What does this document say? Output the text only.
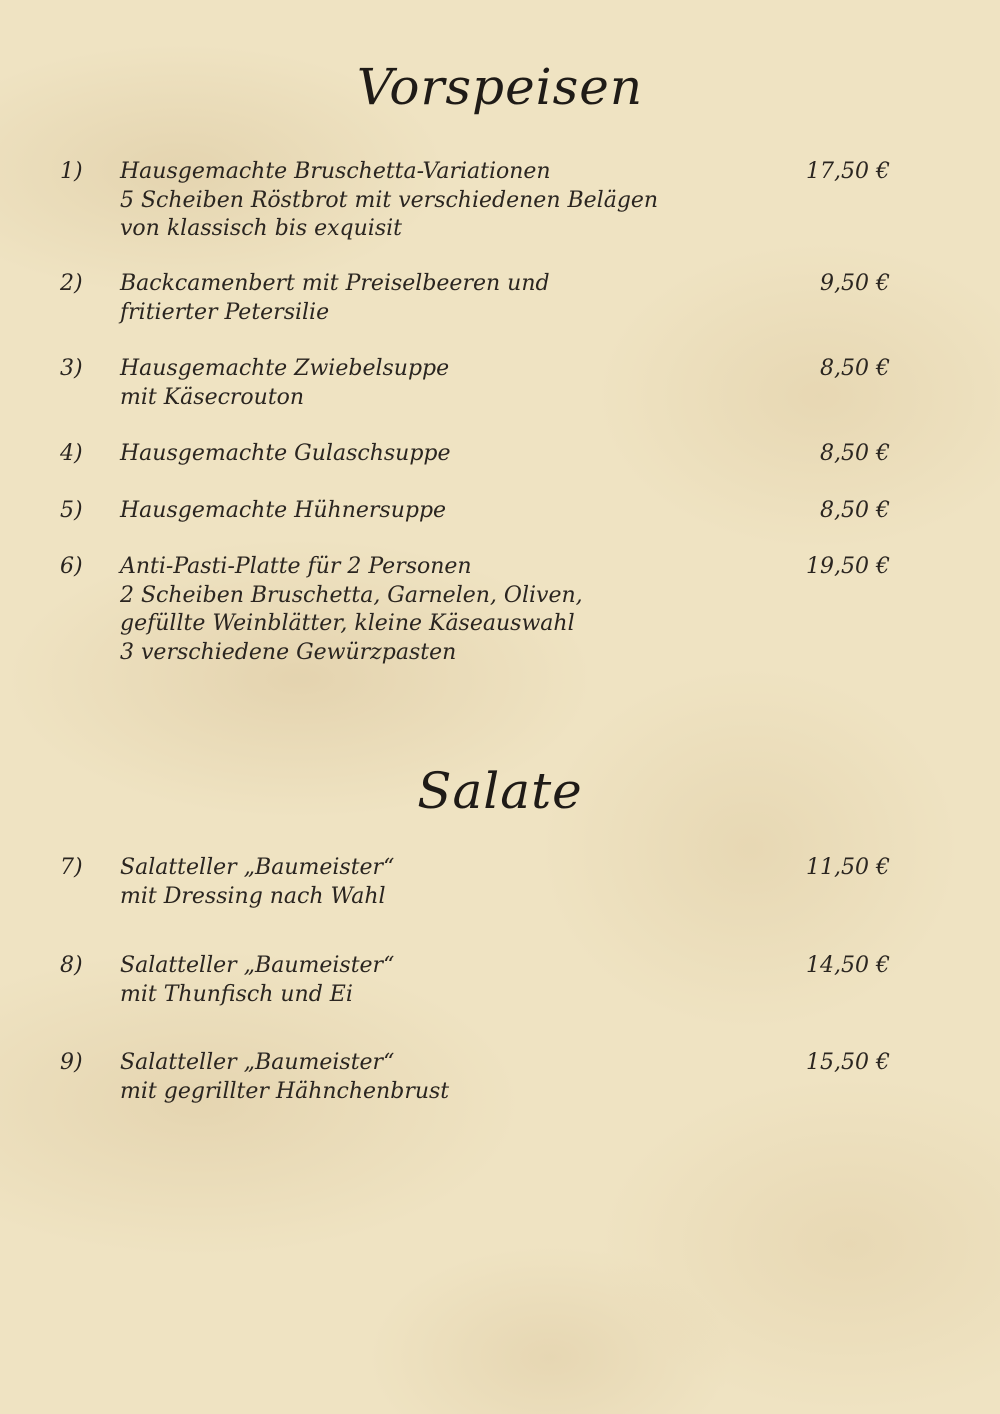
Vorspeisen
1) Hausgemachte Bruschetta-Variationen
5 Scheiben Röstbrot mit verschiedenen Belägen
von klassisch bis exquisit
17,50 €
2) Backcamenbert mit Preiselbeeren und
fritierter Petersilie
9,50 €
3) Hausgemachte Zwiebelsuppe
mit Käsecrouton
8,50 €
4) Hausgemachte Gulaschsuppe	8,50 €
5) Hausgemachte Hühnersuppe	8,50 €
6) Anti-Pasti-Platte für 2 Personen
2 Scheiben Bruschetta, Garnelen, Oliven,
gefüllte Weinblätter, kleine Käseauswahl
3 verschiedene Gewürzpasten
19,50 €
Salate
7) Salatteller „Baumeister“
mit Dressing nach Wahl
11,50 €
8) Salatteller „Baumeister“
mit Thunfisch und Ei
14,50 €
9) Salatteller „Baumeister“
mit gegrillter Hähnchenbrust
15,50 €
